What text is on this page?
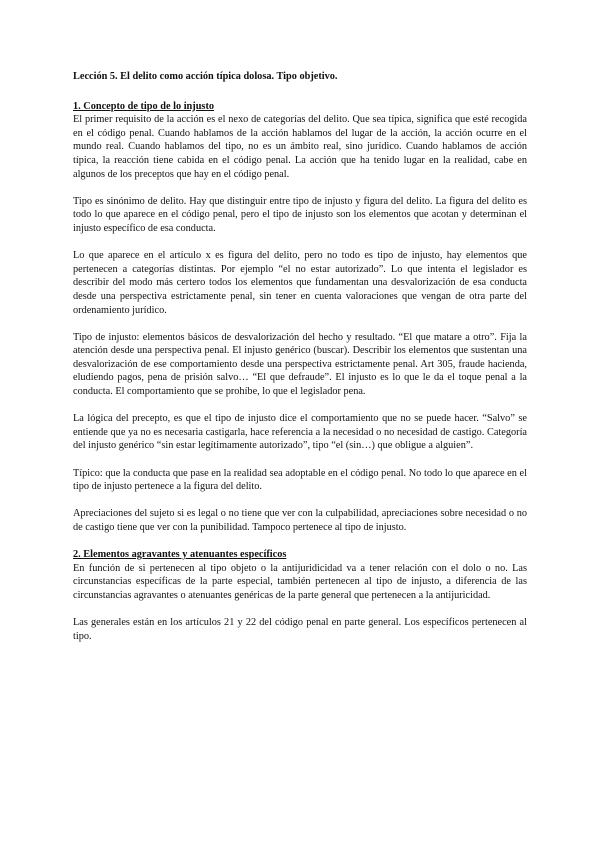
Lección 5. El delito como acción típica dolosa. Tipo objetivo.

1. Concepto de tipo de lo injusto

El primer requisito de la acción es el nexo de categorías del delito. Que sea típica, significa que esté recogida en el código penal. Cuando hablamos de la acción hablamos del lugar de la acción, la acción ocurre en el mundo real. Cuando hablamos del tipo, no es un ámbito real, sino jurídico. Cuando hablamos de acción típica, la reacción tiene cabida en el código penal. La acción que ha tenido lugar en la realidad, cabe en algunos de los preceptos que hay en el código penal.

Tipo es sinónimo de delito. Hay que distinguir entre tipo de injusto y figura del delito. La figura del delito es todo lo que aparece en el código penal, pero el tipo de injusto son los elementos que acotan y determinan el injusto específico de esa conducta.

Lo que aparece en el artículo x es figura del delito, pero no todo es tipo de injusto, hay elementos que pertenecen a categorías distintas. Por ejemplo “el no estar autorizado”. Lo que intenta el legislador es describir del modo más certero todos los elementos que fundamentan una desvalorización de esa conducta desde una perspectiva estrictamente penal, sin tener en cuenta valoraciones que vengan de otra parte del ordenamiento jurídico.

Tipo de injusto: elementos básicos de desvalorización del hecho y resultado. “El que matare a otro”. Fija la atención desde una perspectiva penal. El injusto genérico (buscar). Describir los elementos que sustentan una desvalorización de ese comportamiento desde una perspectiva estrictamente penal. Art 305, fraude hacienda, eludiendo pagos, pena de prisión salvo… “El que defraude”. El injusto es lo que le da el toque penal a la conducta. El comportamiento que se prohíbe, lo que el legislador pena.

La lógica del precepto, es que el tipo de injusto dice el comportamiento que no se puede hacer. “Salvo” se entiende que ya no es necesaria castigarla, hace referencia a la necesidad o no necesidad de castigo. Categoría del injusto genérico “sin estar legítimamente autorizado”, tipo “el (sin…) que obligue a alguien”.

Típico: que la conducta que pase en la realidad sea adoptable en el código penal. No todo lo que aparece en el tipo de injusto pertenece a la figura del delito.

Apreciaciones del sujeto si es legal o no tiene que ver con la culpabilidad, apreciaciones sobre necesidad o no de castigo tiene que ver con la punibilidad. Tampoco pertenece al tipo de injusto.

2. Elementos agravantes y atenuantes específicos

En función de si pertenecen al tipo objeto o la antijuridicidad va a tener relación con el dolo o no. Las circunstancias específicas de la parte especial, también pertenecen al tipo de injusto, a diferencia de las circunstancias agravantes o atenuantes genéricas de la parte general que pertenecen a la antijuricidad.

Las generales están en los artículos 21 y 22 del código penal en parte general. Los específicos pertenecen al tipo.
